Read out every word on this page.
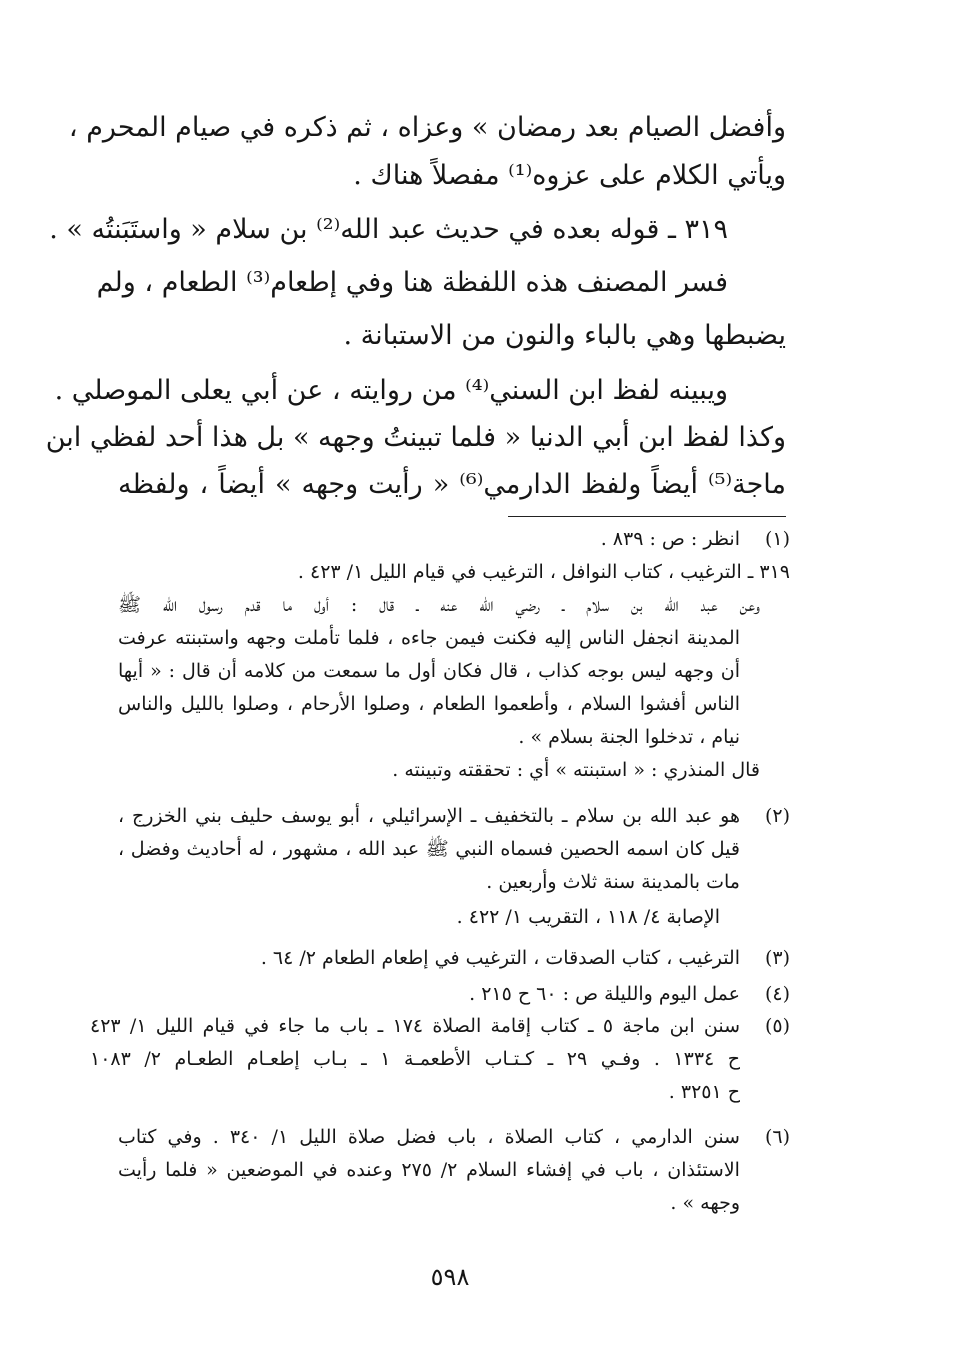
وأفضل الصيام بعد رمضان » وعزاه ، ثم ذكره في صيام المحرم ،
ويأتي الكلام على عزوه⁽¹⁾ مفصلاً هناك .
٣١٩ ـ قوله بعده في حديث عبد الله⁽²⁾ بن سلام « واستَبَنتُه » .
فسر المصنف هذه اللفظة هنا وفي إطعام⁽³⁾ الطعام ، ولم
يضبطها وهي بالباء والنون من الاستبانة .
ويبينه لفظ ابن السني⁽⁴⁾ من روايته ، عن أبي يعلى الموصلي .
وكذا لفظ ابن أبي الدنيا « فلما تبينتُ وجهه » بل هذا أحد لفظي ابن
ماجة⁽⁵⁾ أيضاً ولفظ الدارمي⁽⁶⁾ « رأيت وجهه » أيضاً ، ولفظه
(١)
انظر : ص : ٨٣٩ .
٣١٩ ـ الترغيب ، كتاب النوافل ، الترغيب في قيام الليل ١/ ٤٢٣ .
وعن عبد الله بن سلام ـ رضي الله عنه ـ قال : أول ما قدم رسول الله ﷺ
المدينة انجفل الناس إليه فكنت فيمن جاءه ، فلما تأملت وجهه واستبنته عرفت
أن وجهه ليس بوجه كذاب ، قال فكان أول ما سمعت من كلامه أن قال : « أيها
الناس أفشوا السلام ، وأطعموا الطعام ، وصلوا الأرحام ، وصلوا بالليل والناس
نيام ، تدخلوا الجنة بسلام » .
قال المنذري : « استبنته » أي : تحققته وتبينته .
(٢)
هو عبد الله بن سلام ـ بالتخفيف ـ الإسرائيلي ، أبو يوسف حليف بني الخزرج ،
قيل كان اسمه الحصين فسماه النبي ﷺ عبد الله ، مشهور ، له أحاديث وفضل ،
مات بالمدينة سنة ثلاث وأربعين .
الإصابة ٤/ ١١٨ ، التقريب ١/ ٤٢٢ .
(٣)
الترغيب ، كتاب الصدقات ، الترغيب في إطعام الطعام ٢/ ٦٤ .
(٤)
عمل اليوم والليلة ص : ٦٠ ح ٢١٥ .
(٥)
سنن ابن ماجة ٥ ـ كتاب إقامة الصلاة ١٧٤ ـ باب ما جاء في قيام الليل ١/ ٤٢٣
ح ١٣٣٤ . وفـي ٢٩ ـ كـتـاب الأطعمـة ١ ـ بـاب إطعـام الطعـام ٢/ ١٠٨٣
ح ٣٢٥١ .
(٦)
سنن الدارمي ، كتاب الصلاة ، باب فضل صلاة الليل ١/ ٣٤٠ . وفي كتاب
الاستئذان ، باب في إفشاء السلام ٢/ ٢٧٥ وعنده في الموضعين « فلما رأيت
وجهه » .
٥٩٨
